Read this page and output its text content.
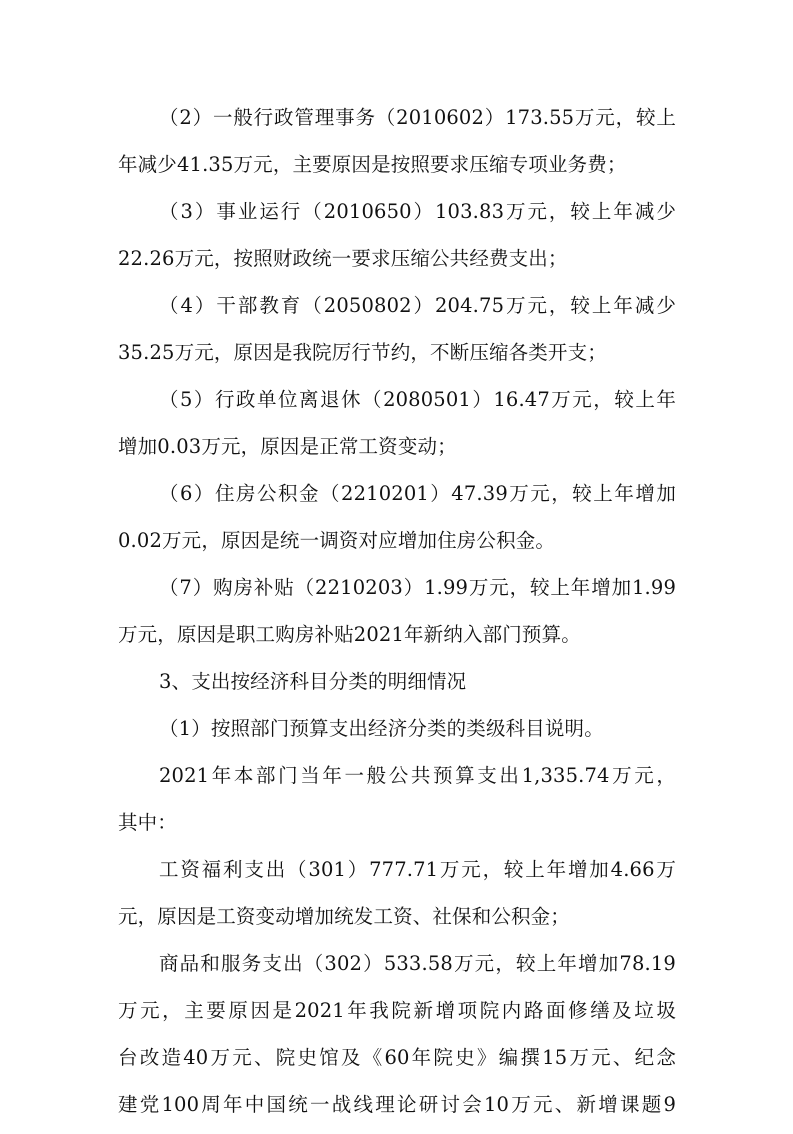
（2）一般行政管理事务（2010602）173.55万元，较上
年减少41.35万元，主要原因是按照要求压缩专项业务费；
（3）事业运行（2010650）103.83万元，较上年减少
22.26万元，按照财政统一要求压缩公共经费支出；
（4）干部教育（2050802）204.75万元，较上年减少
35.25万元，原因是我院厉行节约，不断压缩各类开支；
（5）行政单位离退休（2080501）16.47万元，较上年
增加0.03万元，原因是正常工资变动；
（6）住房公积金（2210201）47.39万元，较上年增加
0.02万元，原因是统一调资对应增加住房公积金。
（7）购房补贴（2210203）1.99万元，较上年增加1.99
万元，原因是职工购房补贴2021年新纳入部门预算。
3、支出按经济科目分类的明细情况
（1）按照部门预算支出经济分类的类级科目说明。
2021年本部门当年一般公共预算支出1,335.74万元，
其中：
工资福利支出（301）777.71万元，较上年增加4.66万
元，原因是工资变动增加统发工资、社保和公积金；
商品和服务支出（302）533.58万元，较上年增加78.19
万元，主要原因是2021年我院新增项院内路面修缮及垃圾
台改造40万元、院史馆及《60年院史》编撰15万元、纪念
建党100周年中国统一战线理论研讨会10万元、新增课题9
